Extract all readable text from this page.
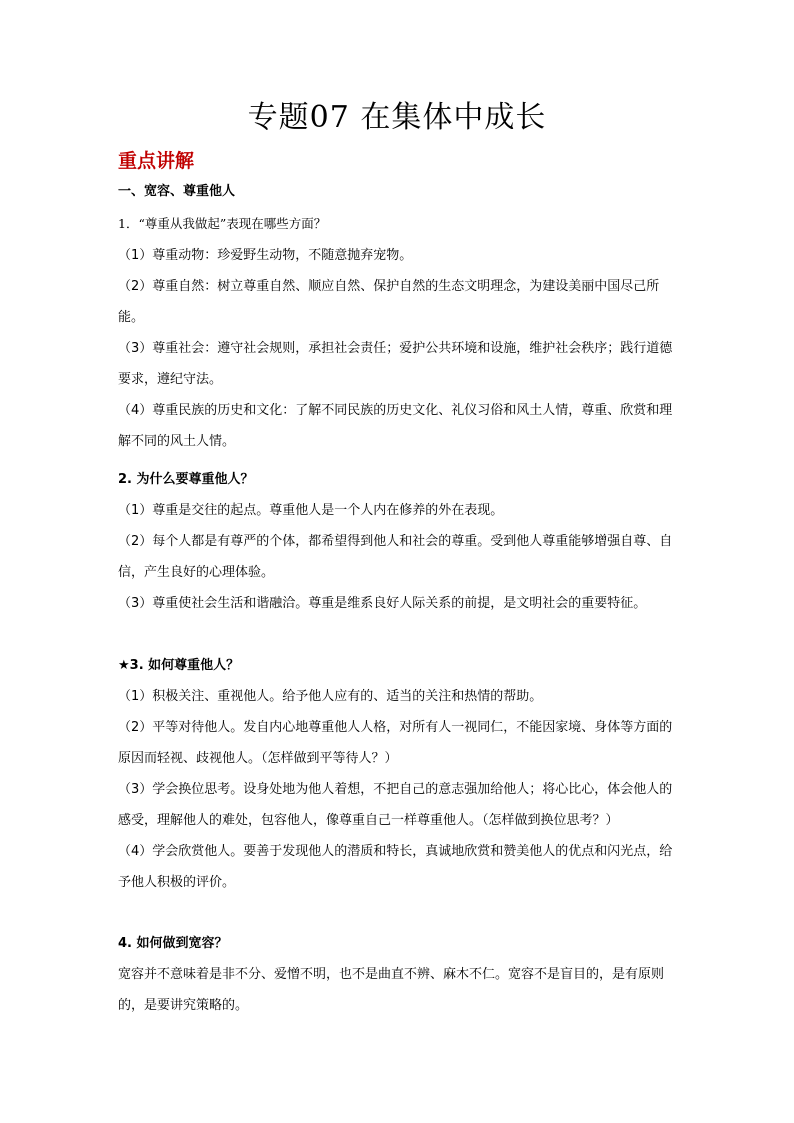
专题07 在集体中成长
重点讲解

一、宽容、尊重他人

1．“尊重从我做起”表现在哪些方面？

（1）尊重动物：珍爱野生动物，不随意抛弃宠物。

（2）尊重自然：树立尊重自然、顺应自然、保护自然的生态文明理念，为建设美丽中国尽己所能。

（3）尊重社会：遵守社会规则，承担社会责任；爱护公共环境和设施，维护社会秩序；践行道德要求，遵纪守法。

（4）尊重民族的历史和文化：了解不同民族的历史文化、礼仪习俗和风土人情，尊重、欣赏和理解不同的风土人情。

2. 为什么要尊重他人？

（1）尊重是交往的起点。尊重他人是一个人内在修养的外在表现。

（2）每个人都是有尊严的个体，都希望得到他人和社会的尊重。受到他人尊重能够增强自尊、自信，产生良好的心理体验。

（3）尊重使社会生活和谐融洽。尊重是维系良好人际关系的前提，是文明社会的重要特征。

★3. 如何尊重他人？

（1）积极关注、重视他人。给予他人应有的、适当的关注和热情的帮助。

（2）平等对待他人。发自内心地尊重他人人格，对所有人一视同仁，不能因家境、身体等方面的原因而轻视、歧视他人。（怎样做到平等待人？）

（3）学会换位思考。设身处地为他人着想，不把自己的意志强加给他人；将心比心，体会他人的感受，理解他人的难处，包容他人，像尊重自己一样尊重他人。（怎样做到换位思考？）

（4）学会欣赏他人。要善于发现他人的潜质和特长，真诚地欣赏和赞美他人的优点和闪光点，给予他人积极的评价。

4. 如何做到宽容？

宽容并不意味着是非不分、爱憎不明，也不是曲直不辨、麻木不仁。宽容不是盲目的，是有原则的，是要讲究策略的。
